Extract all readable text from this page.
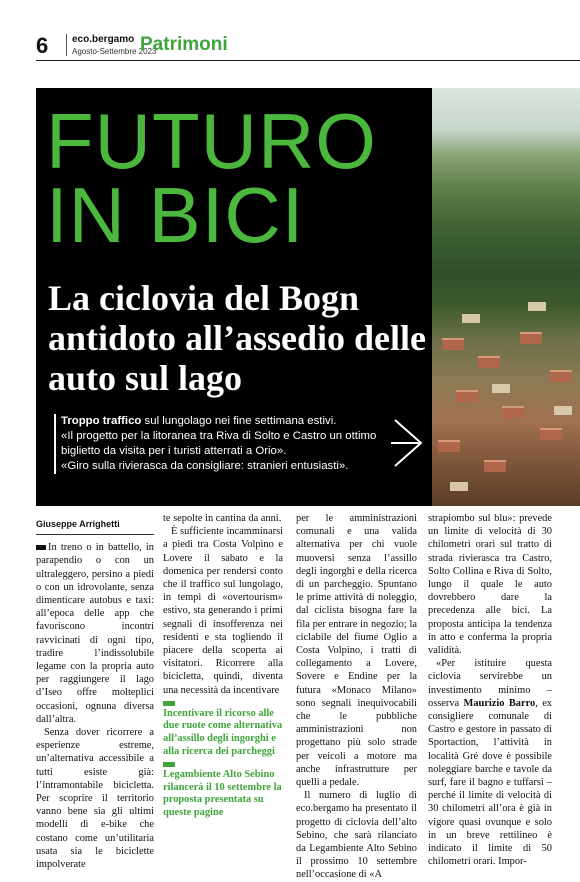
6 eco.bergamo
Agosto-Settembre 2023
Patrimoni
FUTURO
IN BICI
La ciclovia del Bogn antidoto all’assedio delle auto sul lago
Troppo traffico sul lungolago nei fine settimana estivi.
«Il progetto per la litoranea tra Riva di Solto e Castro un ottimo biglietto da visita per i turisti atterrati a Orio».
«Giro sulla rivierasca da consigliare: stranieri entusiasti».
Giuseppe Arrighetti

In treno o in battello, in parapendio o con un ultraleggero, persino a piedi o con un idrovolante, senza dimenticare autobus e taxi: all’epoca delle app che favoriscono incontri ravvicinati di ogni tipo, tradire l’indissolubile legame con la propria auto per raggiungere il lago d’Iseo offre molteplici occasioni, ognuna diversa dall’altra.

Senza dover ricorrere a esperienze estreme, un’alternativa accessibile a tutti esiste già: l’intramontabile bicicletta. Per scoprire il territorio vanno bene sia gli ultimi modelli di e-bike che costano come un’utilitaria usata sia le biciclette impolverate

te sepolte in cantina da anni.

È sufficiente incamminarsi a piedi tra Costa Volpino e Lovere il sabato e la domenica per rendersi conto che il traffico sul lungolago, in tempi di «overtourism» estivo, sta generando i primi segnali di insofferenza nei residenti e sta togliendo il piacere della scoperta ai visitatori. Ricorrere alla bicicletta, quindi, diventa una necessità da incentivare

Incentivare il ricorso alle due ruote come alternativa all’assillo degli ingorghi e alla ricerca dei parcheggi

Legambiente Alto Sebino rilancerà il 10 settembre la proposta presentata su queste pagine

per le amministrazioni comunali e una valida alternativa per chi vuole muoversi senza l’assillo degli ingorghi e della ricerca di un parcheggio. Spuntano le prime attività di noleggio, dal ciclista bisogna fare la fila per entrare in negozio; la ciclabile del fiume Oglio a Costa Volpino, i tratti di collegamento a Lovere, Sovere e Endine per la futura «Monaco Milano» sono segnali inequivocabili che le pubbliche amministrazioni non progettano più solo strade per veicoli a motore ma anche infrastrutture per quelli a pedale.

Il numero di luglio di eco.bergamo ha presentato il progetto di ciclovia dell’alto Sebino, che sarà rilanciato da Legambiente Alto Sebino il prossimo 10 settembre nell’occasione di «A

strapiombo sul blu»: prevede un limite di velocità di 30 chilometri orari sul tratto di strada rivierasca tra Castro, Solto Collina e Riva di Solto, lungo il quale le auto dovrebbero dare la precedenza alle bici. La proposta anticipa la tendenza in atto e conferma la propria validità.

«Per istituire questa ciclovia servirebbe un investimento minimo – osserva Maurizio Barro, ex consigliere comunale di Castro e gestore in passato di Sportaction, l’attività in località Gré dove è possibile noleggiare barche e tavole da surf, fare il bagno e tuffarsi – perché il limite di velocità di 30 chilometri all’ora è già in vigore quasi ovunque e solo in un breve rettilineo è indicato il limite di 50 chilometri orari. Impor-
